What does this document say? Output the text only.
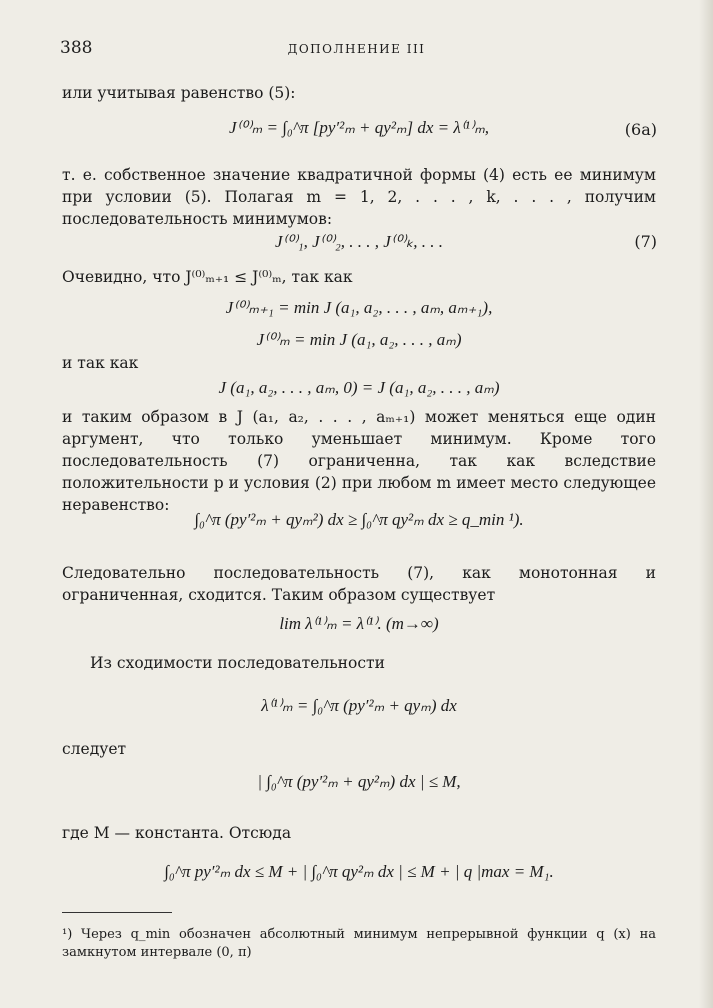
388	ДОПОЛНЕНИЕ III
или учитывая равенство (5):
J⁽⁰⁾ₘ = ∫₀^π [py′²ₘ + qy²ₘ] dx = λ⁽¹⁾ₘ,	(6а)
т. е. собственное значение квадратичной формы (4) есть ее минимум при условии (5). Полагая m = 1, 2, . . . , k, . . . , получим последовательность минимумов:
J⁽⁰⁾₁, J⁽⁰⁾₂, . . . , J⁽⁰⁾ₖ, . . .	(7)
Очевидно, что J⁽⁰⁾ₘ₊₁ ≤ J⁽⁰⁾ₘ, так как
J⁽⁰⁾ₘ₊₁ = min J (a₁, a₂, . . . , aₘ, aₘ₊₁),
J⁽⁰⁾ₘ = min J (a₁, a₂, . . . , aₘ)
и так как
J (a₁, a₂, . . . , aₘ, 0) = J (a₁, a₂, . . . , aₘ)
и таким образом в J (a₁, a₂, . . . , aₘ₊₁) может меняться еще один аргумент, что только уменьшает минимум. Кроме того последовательность (7) ограниченна, так как вследствие положительности p и условия (2) при любом m имеет место следующее неравенство:
∫₀^π (py′²ₘ + qyₘ²) dx ≥ ∫₀^π qy²ₘ dx ≥ q_min ¹).
Следовательно последовательность (7), как монотонная и ограниченная, сходится. Таким образом существует
lim λ⁽¹⁾ₘ = λ⁽¹⁾. (m→∞)
Из сходимости последовательности
λ⁽¹⁾ₘ = ∫₀^π (py′²ₘ + qyₘ) dx
следует
| ∫₀^π (py′²ₘ + qy²ₘ) dx | ≤ M,
где M — константа. Отсюда
∫₀^π py′²ₘ dx ≤ M + | ∫₀^π qy²ₘ dx | ≤ M + | q |max = M₁.
¹) Через q_min обозначен абсолютный минимум непрерывной функции q (x) на замкнутом интервале (0, π)
